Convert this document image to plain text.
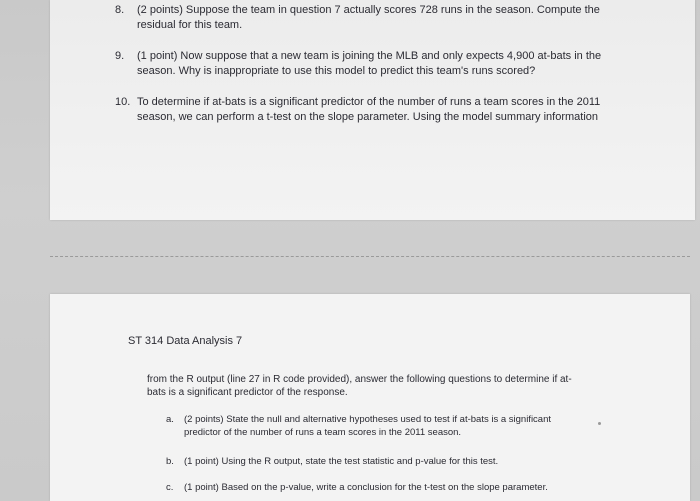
8. (2 points) Suppose the team in question 7 actually scores 728 runs in the season. Compute the
residual for this team.
9. (1 point) Now suppose that a new team is joining the MLB and only expects 4,900 at-bats in the
season. Why is inappropriate to use this model to predict this team's runs scored?
10. To determine if at-bats is a significant predictor of the number of runs a team scores in the 2011
season, we can perform a t-test on the slope parameter. Using the model summary information
ST 314 Data Analysis 7
from the R output (line 27 in R code provided), answer the following questions to determine if at-
bats is a significant predictor of the response.
a. (2 points) State the null and alternative hypotheses used to test if at-bats is a significant
predictor of the number of runs a team scores in the 2011 season.
b. (1 point) Using the R output, state the test statistic and p-value for this test.
c. (1 point) Based on the p-value, write a conclusion for the t-test on the slope parameter.
